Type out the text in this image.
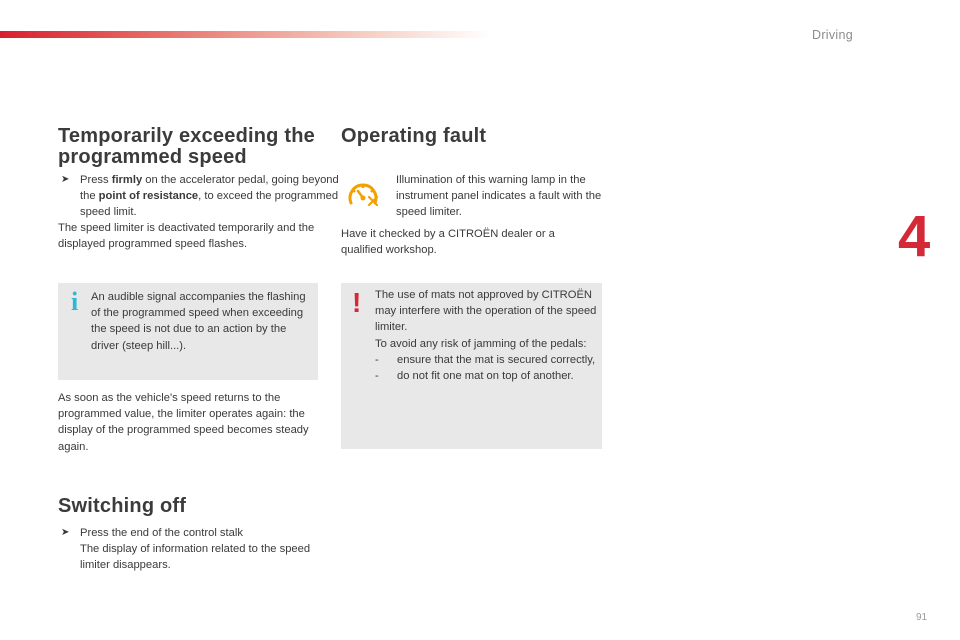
Driving
4
91
Temporarily exceeding the programmed speed
➤ Press firmly on the accelerator pedal, going beyond the point of resistance, to exceed the programmed speed limit.

The speed limiter is deactivated temporarily and the displayed programmed speed flashes.

i An audible signal accompanies the flashing of the programmed speed when exceeding the speed is not due to an action by the driver (steep hill...).

As soon as the vehicle's speed returns to the programmed value, the limiter operates again: the display of the programmed speed becomes steady again.

Switching off
➤ Press the end of the control stalk
The display of information related to the speed limiter disappears.
Operating fault

Illumination of this warning lamp in the instrument panel indicates a fault with the speed limiter.

Have it checked by a CITROËN dealer or a qualified workshop.

! The use of mats not approved by CITROËN may interfere with the operation of the speed limiter.

To avoid any risk of jamming of the pedals:

- ensure that the mat is secured correctly,
- do not fit one mat on top of another.
